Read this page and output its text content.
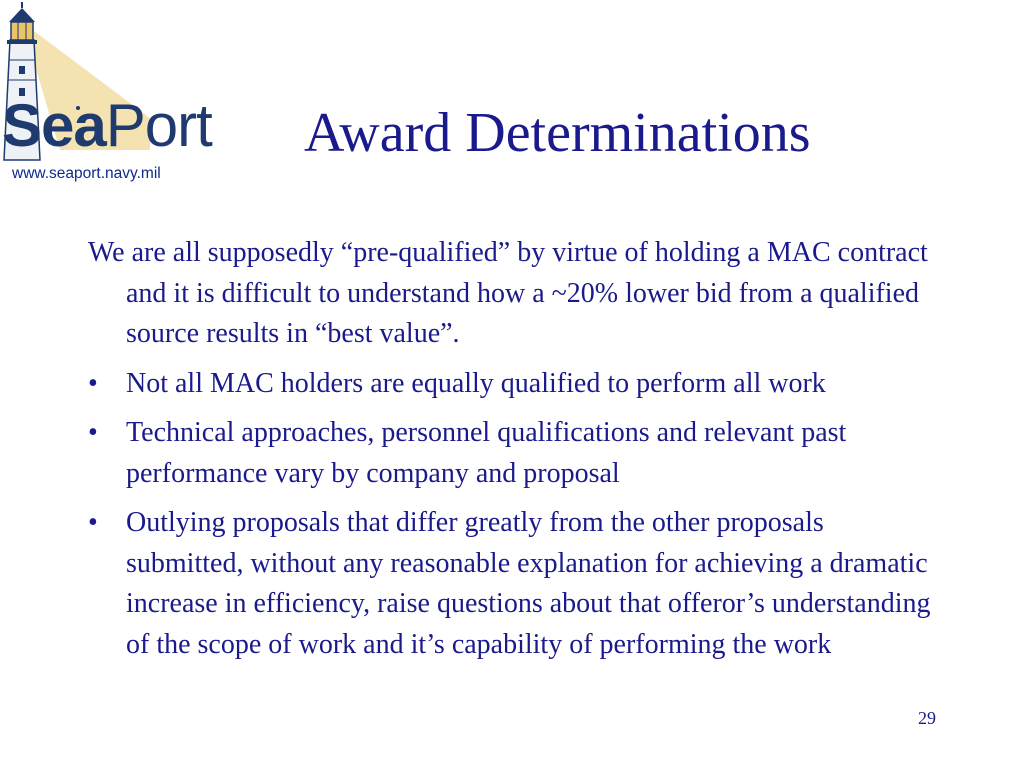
SeaPort
www.seaport.navy.mil
Award Determinations

We are all supposedly “pre-qualified” by virtue of holding a MAC contract and it is difficult to understand how a ~20% lower bid from a qualified source results in “best value”.

• Not all MAC holders are equally qualified to perform all work
• Technical approaches, personnel qualifications and relevant past performance vary by company and proposal
• Outlying proposals that differ greatly from the other proposals submitted, without any reasonable explanation for achieving a dramatic increase in efficiency, raise questions about that offeror’s understanding of the scope of work and it’s capability of performing the work
29
